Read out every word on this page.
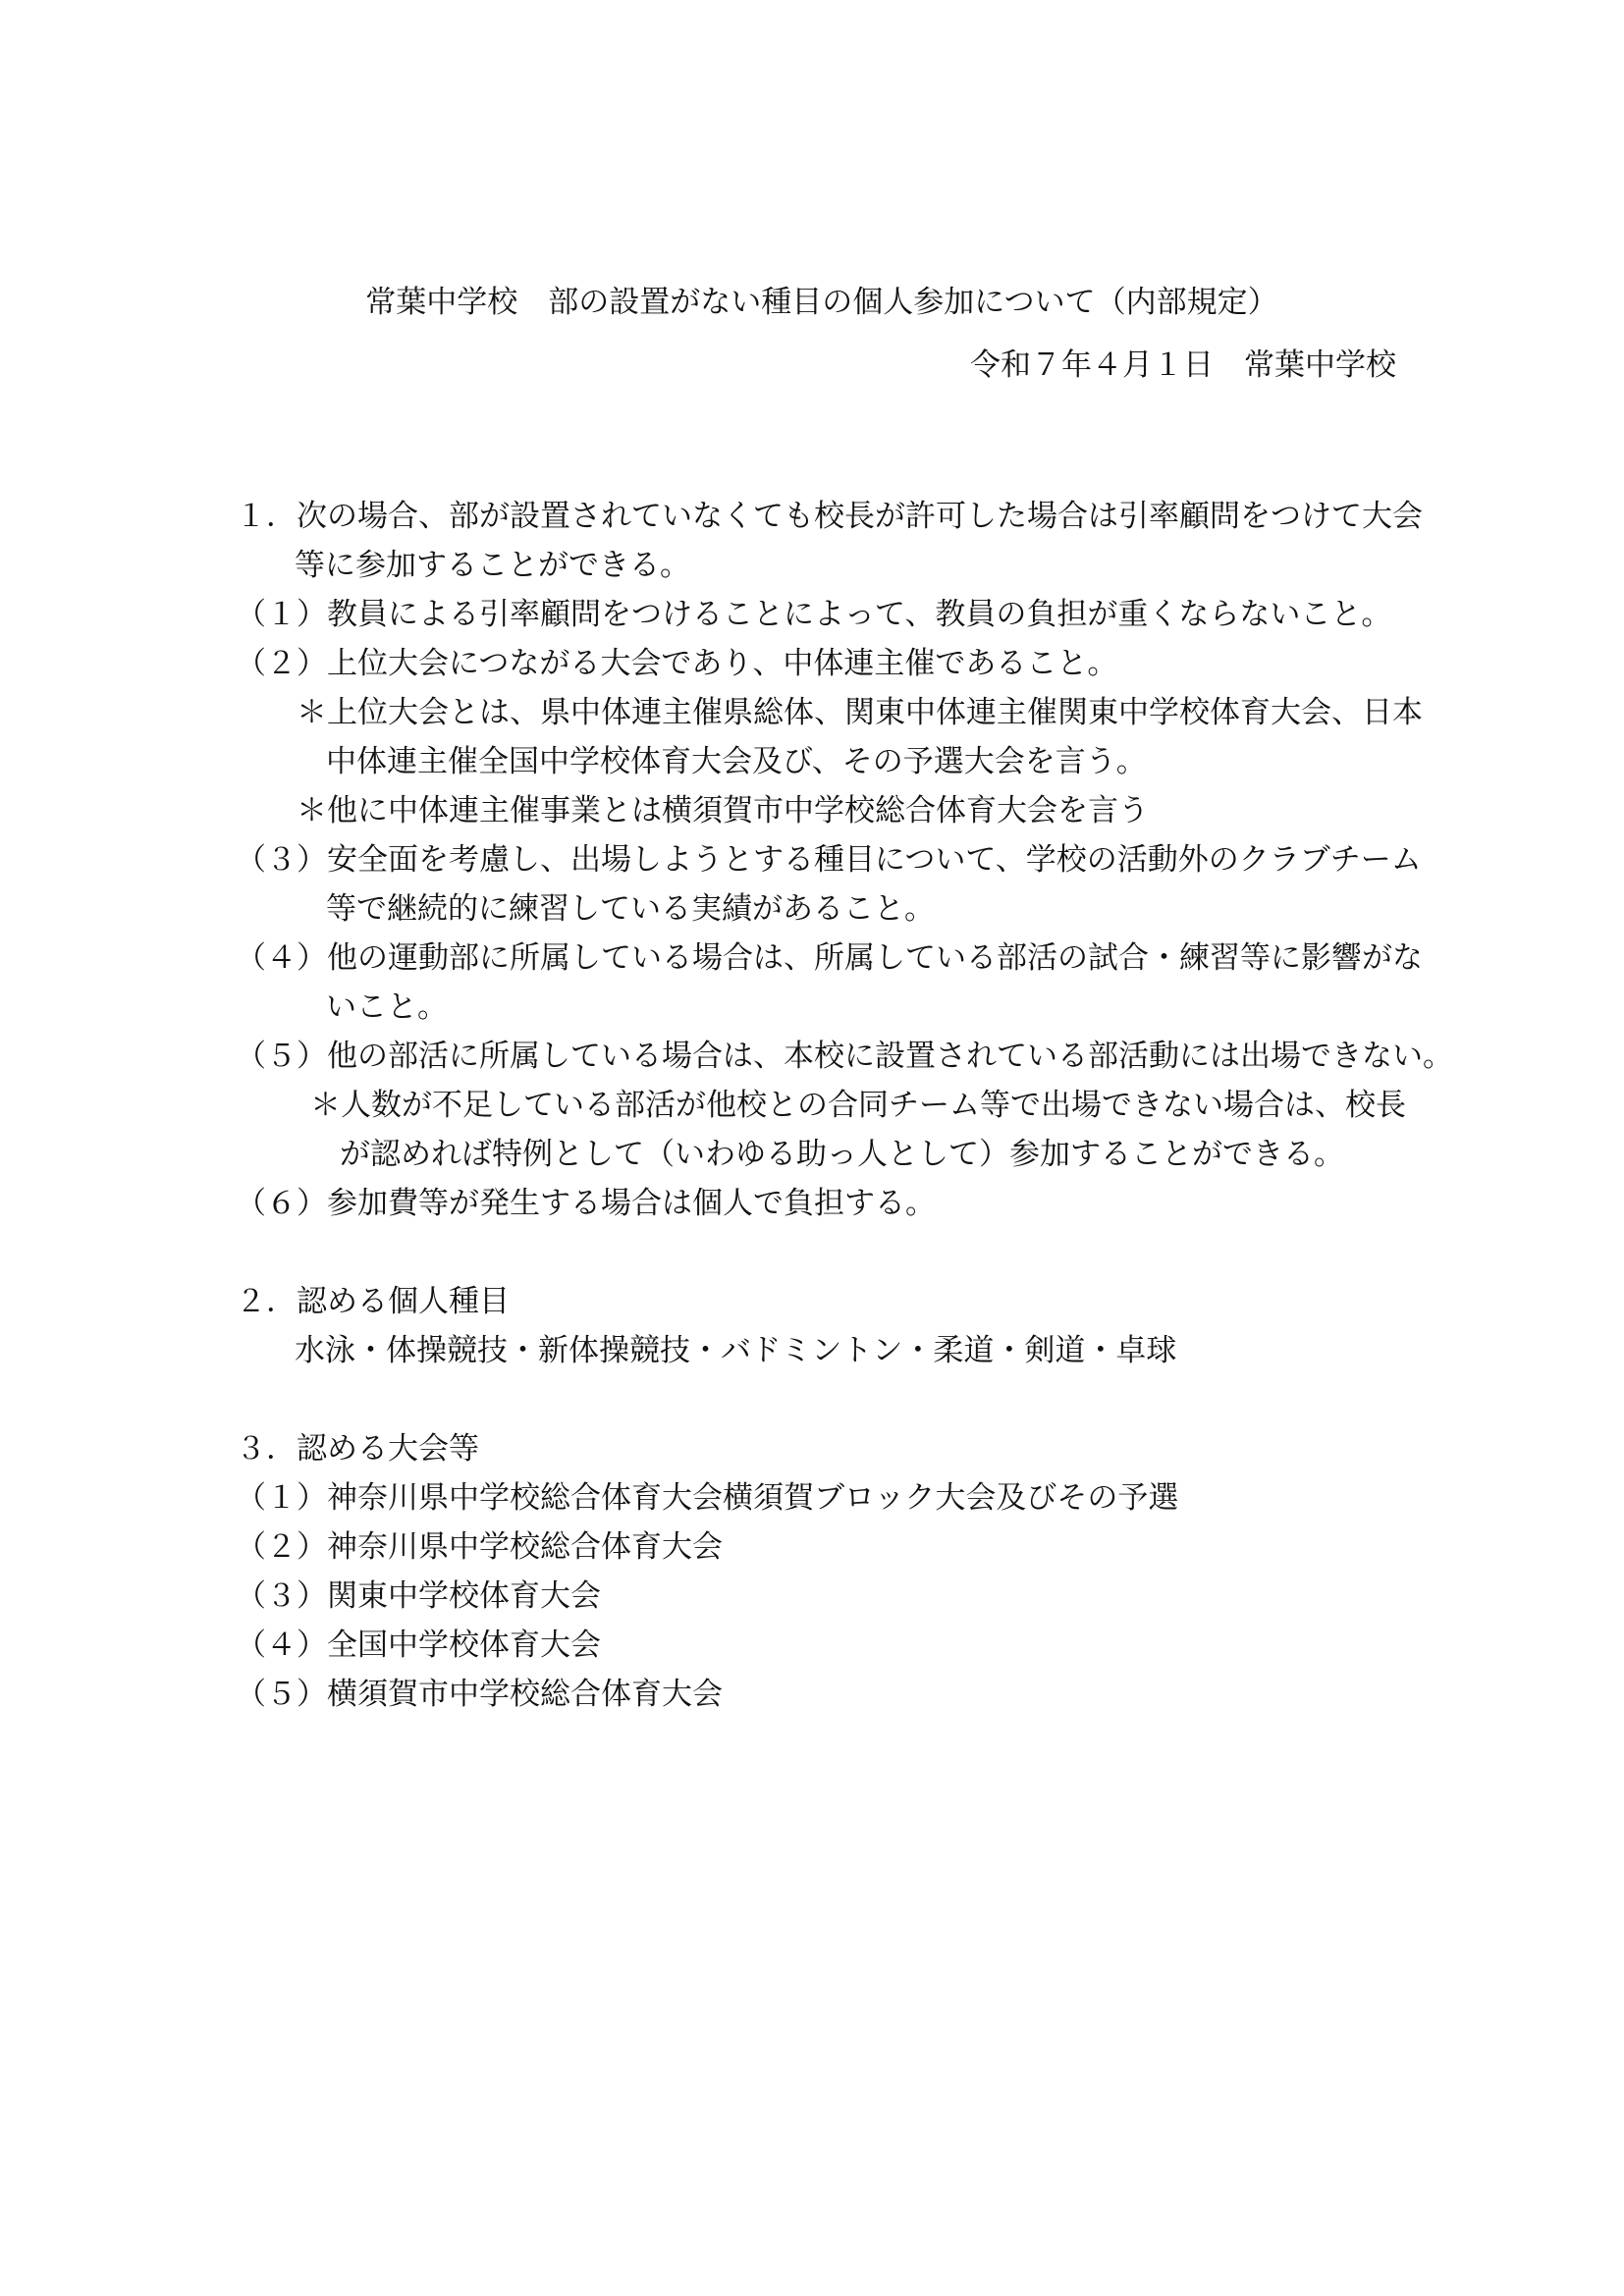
常葉中学校　部の設置がない種目の個人参加について（内部規定）
令和７年４月１日　常葉中学校
１．次の場合、部が設置されていなくても校長が許可した場合は引率顧問をつけて大会
等に参加することができる。
（１）教員による引率顧問をつけることによって、教員の負担が重くならないこと。
（２）上位大会につながる大会であり、中体連主催であること。
＊上位大会とは、県中体連主催県総体、関東中体連主催関東中学校体育大会、日本
中体連主催全国中学校体育大会及び、その予選大会を言う。
＊他に中体連主催事業とは横須賀市中学校総合体育大会を言う
（３）安全面を考慮し、出場しようとする種目について、学校の活動外のクラブチーム
等で継続的に練習している実績があること。
（４）他の運動部に所属している場合は、所属している部活の試合・練習等に影響がな
いこと。
（５）他の部活に所属している場合は、本校に設置されている部活動には出場できない。
＊人数が不足している部活が他校との合同チーム等で出場できない場合は、校長
が認めれば特例として（いわゆる助っ人として）参加することができる。
（６）参加費等が発生する場合は個人で負担する。
２．認める個人種目
水泳・体操競技・新体操競技・バドミントン・柔道・剣道・卓球
３．認める大会等
（１）神奈川県中学校総合体育大会横須賀ブロック大会及びその予選
（２）神奈川県中学校総合体育大会
（３）関東中学校体育大会
（４）全国中学校体育大会
（５）横須賀市中学校総合体育大会
